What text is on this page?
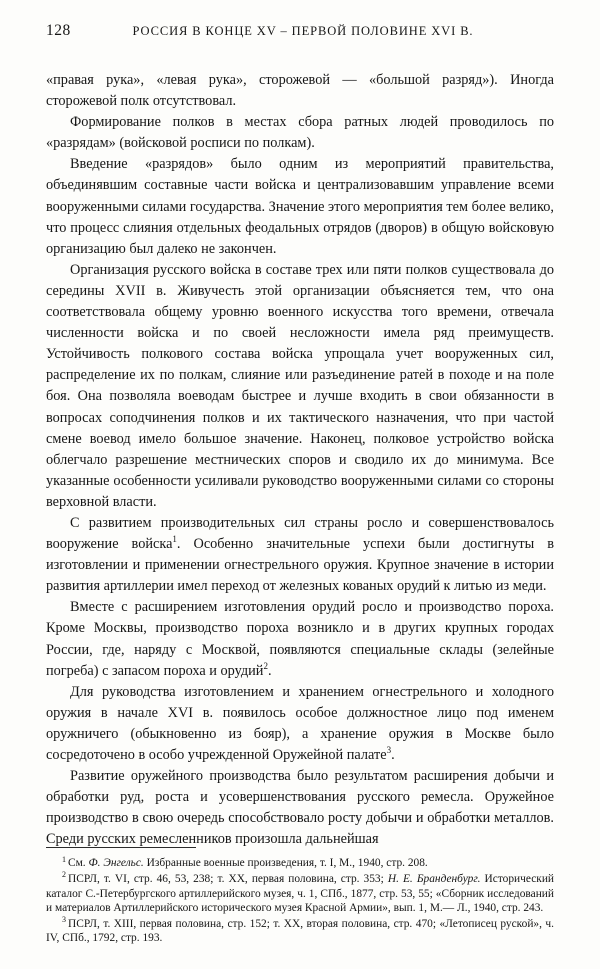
128	РОССИЯ В КОНЦЕ XV – ПЕРВОЙ ПОЛОВИНЕ XVI В.

«правая рука», «левая рука», сторожевой — «большой разряд»). Иногда сторожевой полк отсутствовал.

Формирование полков в местах сбора ратных людей проводилось по «разрядам» (войсковой росписи по полкам).

Введение «разрядов» было одним из мероприятий правительства, объединявшим составные части войска и централизовавшим управление всеми вооруженными силами государства. Значение этого мероприятия тем более велико, что процесс слияния отдельных феодальных отрядов (дворов) в общую войсковую организацию был далеко не закончен.

Организация русского войска в составе трех или пяти полков существовала до середины XVII в. Живучесть этой организации объясняется тем, что она соответствовала общему уровню военного искусства того времени, отвечала численности войска и по своей несложности имела ряд преимуществ. Устойчивость полкового состава войска упрощала учет вооруженных сил, распределение их по полкам, слияние или разъединение ратей в походе и на поле боя. Она позволяла воеводам быстрее и лучше входить в свои обязанности в вопросах соподчинения полков и их тактического назначения, что при частой смене воевод имело большое значение. Наконец, полковое устройство войска облегчало разрешение местнических споров и сводило их до минимума. Все указанные особенности усиливали руководство вооруженными силами со стороны верховной власти.

С развитием производительных сил страны росло и совершенствовалось вооружение войска$^1$. Особенно значительные успехи были достигнуты в изготовлении и применении огнестрельного оружия. Крупное значение в истории развития артиллерии имел переход от железных кованых орудий к литью из меди.

Вместе с расширением изготовления орудий росло и производство пороха. Кроме Москвы, производство пороха возникло и в других крупных городах России, где, наряду с Москвой, появляются специальные склады (зелейные погреба) с запасом пороха и орудий$^2$.

Для руководства изготовлением и хранением огнестрельного и холодного оружия в начале XVI в. появилось особое должностное лицо под именем оружничего (обыкновенно из бояр), а хранение оружия в Москве было сосредоточено в особо учрежденной Оружейной палате$^3$.

Развитие оружейного производства было результатом расширения добычи и обработки руд, роста и усовершенствования русского ремесла. Оружейное производство в свою очередь способствовало росту добычи и обработки металлов. Среди русских ремесленников произошла дальнейшая

$^1$ См. Ф. Энгельс. Избранные военные произведения, т. I, М., 1940, стр. 208.
$^2$ ПСРЛ, т. VI, стр. 46, 53, 238; т. XX, первая половина, стр. 353; Н. Е. Бранденбург. Исторический каталог С.-Петербургского артиллерийского музея, ч. 1, СПб., 1877, стр. 53, 55; «Сборник исследований и материалов Артиллерийского исторического музея Красной Армии», вып. 1, М.— Л., 1940, стр. 243.
$^3$ ПСРЛ, т. XIII, первая половина, стр. 152; т. XX, вторая половина, стр. 470; «Летописец руской», ч. IV, СПб., 1792, стр. 193.
